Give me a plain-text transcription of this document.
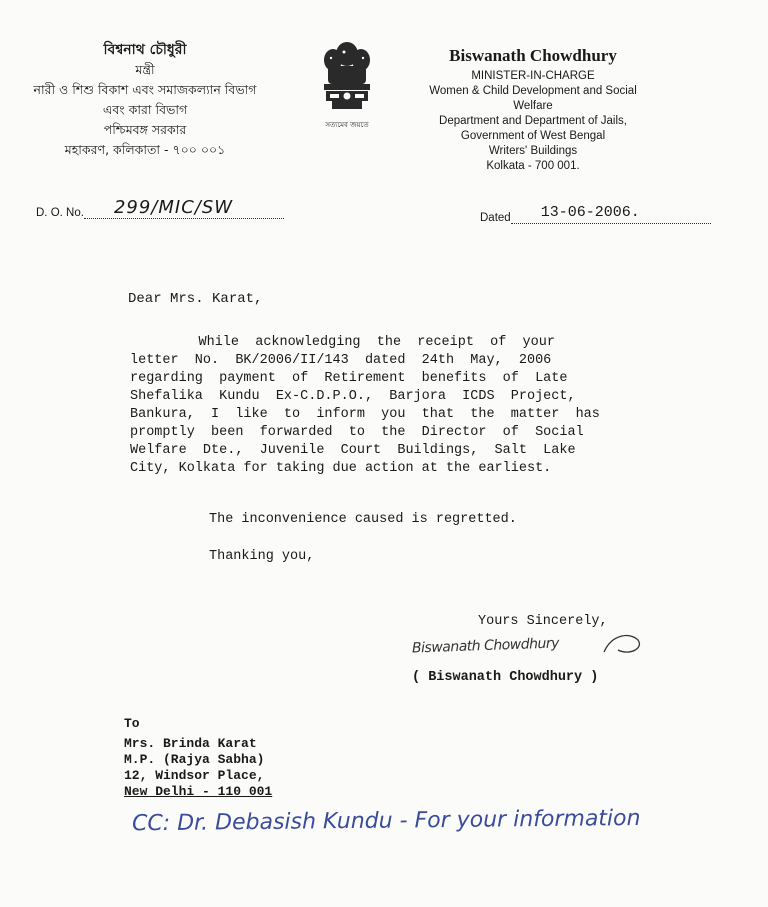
বিশ্বনাথ চৌধুরী
মন্ত্রী
নারী ও শিশু বিকাশ এবং সমাজকল্যান বিভাগ
এবং কারা বিভাগ
পশ্চিমবঙ্গ সরকার
মহাকরণ, কলিকাতা - ৭০০ ০০১
সত্যমেব জয়তে
Biswanath Chowdhury
MINISTER-IN-CHARGE
Women & Child Development and Social Welfare
Department and Department of Jails,
Government of West Bengal
Writers' Buildings
Kolkata - 700 001.
D. O. No.	299/MIC/SW	Dated	13-06-2006.
Dear Mrs. Karat,
While  acknowledging  the  receipt  of  your
letter  No.  BK/2006/II/143  dated  24th  May,  2006
regarding  payment  of  Retirement  benefits  of  Late
Shefalika  Kundu  Ex-C.D.P.O.,  Barjora  ICDS  Project,
Bankura,  I  like  to  inform  you  that  the  matter  has
promptly  been  forwarded  to  the  Director  of  Social
Welfare  Dte.,  Juvenile  Court  Buildings,  Salt  Lake
City, Kolkata for taking due action at the earliest.
The inconvenience caused is regretted.
Thanking you,
Yours Sincerely,
Biswanath Chowdhury
( Biswanath Chowdhury )
To
Mrs. Brinda Karat
M.P. (Rajya Sabha)
12, Windsor Place,
New Delhi - 110 001
CC: Dr. Debasish Kundu - For your information
